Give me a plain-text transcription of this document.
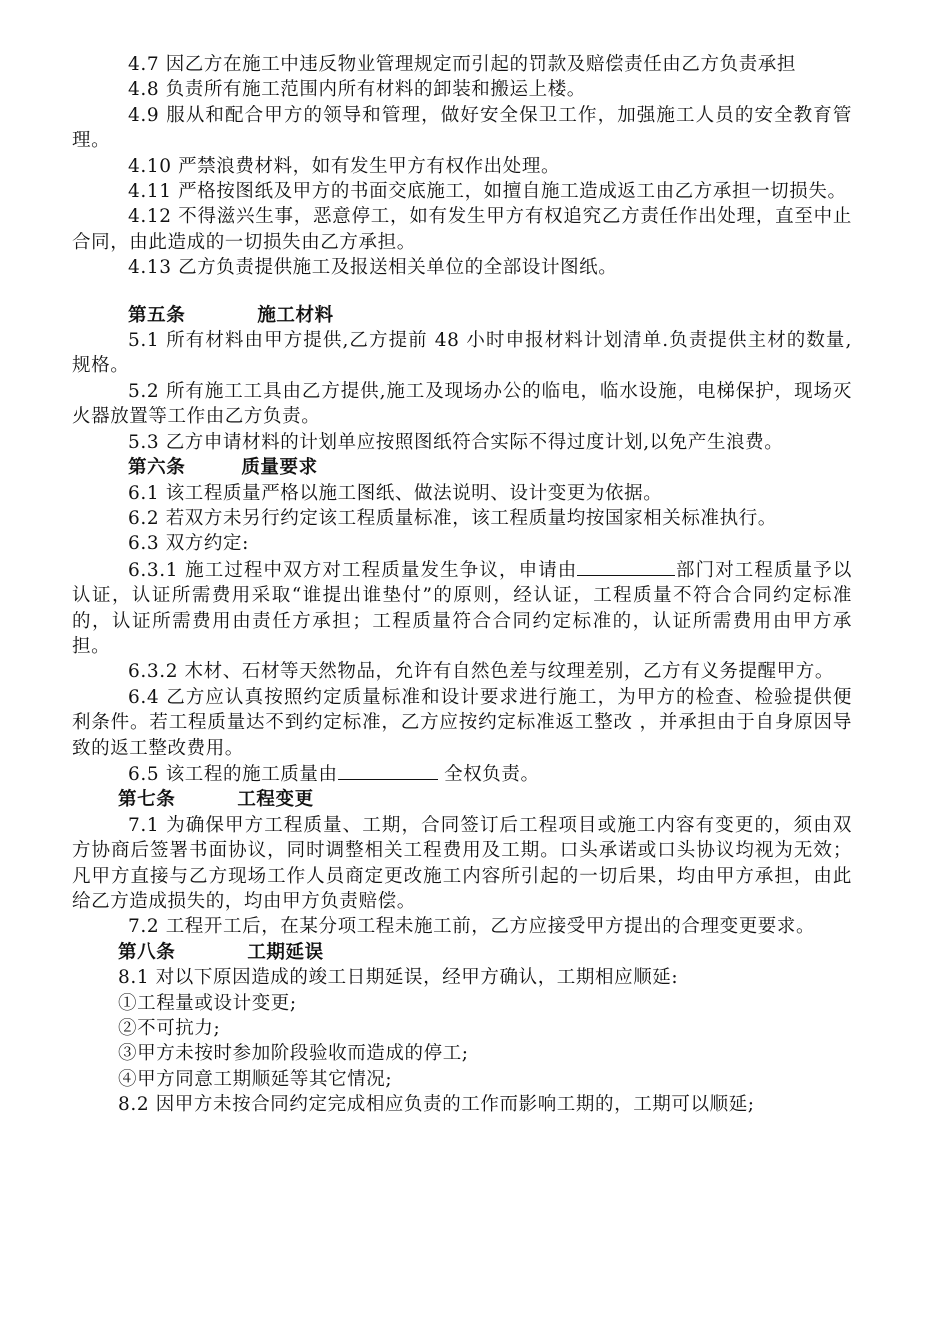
4.7 因乙方在施工中违反物业管理规定而引起的罚款及赔偿责任由乙方负责承担

4.8 负责所有施工范围内所有材料的卸装和搬运上楼。

4.9 服从和配合甲方的领导和管理，做好安全保卫工作，加强施工人员的安全教育管理。

4.10 严禁浪费材料，如有发生甲方有权作出处理。

4.11 严格按图纸及甲方的书面交底施工，如擅自施工造成返工由乙方承担一切损失。

4.12 不得滋兴生事，恶意停工，如有发生甲方有权追究乙方责任作出处理，直至中止合同，由此造成的一切损失由乙方承担。

4.13 乙方负责提供施工及报送相关单位的全部设计图纸。

第五条	施工材料

5.1 所有材料由甲方提供,乙方提前 48 小时申报材料计划清单.负责提供主材的数量,规格。

5.2 所有施工工具由乙方提供,施工及现场办公的临电，临水设施，电梯保护，现场灭火器放置等工作由乙方负责。

5.3 乙方申请材料的计划单应按照图纸符合实际不得过度计划,以免产生浪费。

第六条	质量要求

6.1 该工程质量严格以施工图纸、做法说明、设计变更为依据。

6.2 若双方未另行约定该工程质量标准，该工程质量均按国家相关标准执行。

6.3 双方约定:

6.3.1 施工过程中双方对工程质量发生争议，申请由	部门对工程质量予以认证，认证所需费用采取“谁提出谁垫付”的原则，经认证，工程质量不符合合同约定标准的，认证所需费用由责任方承担；工程质量符合合同约定标准的，认证所需费用由甲方承担。

6.3.2 木材、石材等天然物品，允许有自然色差与纹理差别，乙方有义务提醒甲方。

6.4 乙方应认真按照约定质量标准和设计要求进行施工，为甲方的检查、检验提供便利条件。若工程质量达不到约定标准，乙方应按约定标准返工整改 ，并承担由于自身原因导致的返工整改费用。

6.5 该工程的施工质量由	全权负责。

第七条	工程变更

7.1 为确保甲方工程质量、工期，合同签订后工程项目或施工内容有变更的，须由双方协商后签署书面协议，同时调整相关工程费用及工期。口头承诺或口头协议均视为无效；凡甲方直接与乙方现场工作人员商定更改施工内容所引起的一切后果，均由甲方承担，由此给乙方造成损失的，均由甲方负责赔偿。

7.2 工程开工后，在某分项工程未施工前，乙方应接受甲方提出的合理变更要求。

第八条	工期延误

8.1 对以下原因造成的竣工日期延误，经甲方确认，工期相应顺延:

①工程量或设计变更;

②不可抗力;

③甲方未按时参加阶段验收而造成的停工;

④甲方同意工期顺延等其它情况;

8.2 因甲方未按合同约定完成相应负责的工作而影响工期的，工期可以顺延;
